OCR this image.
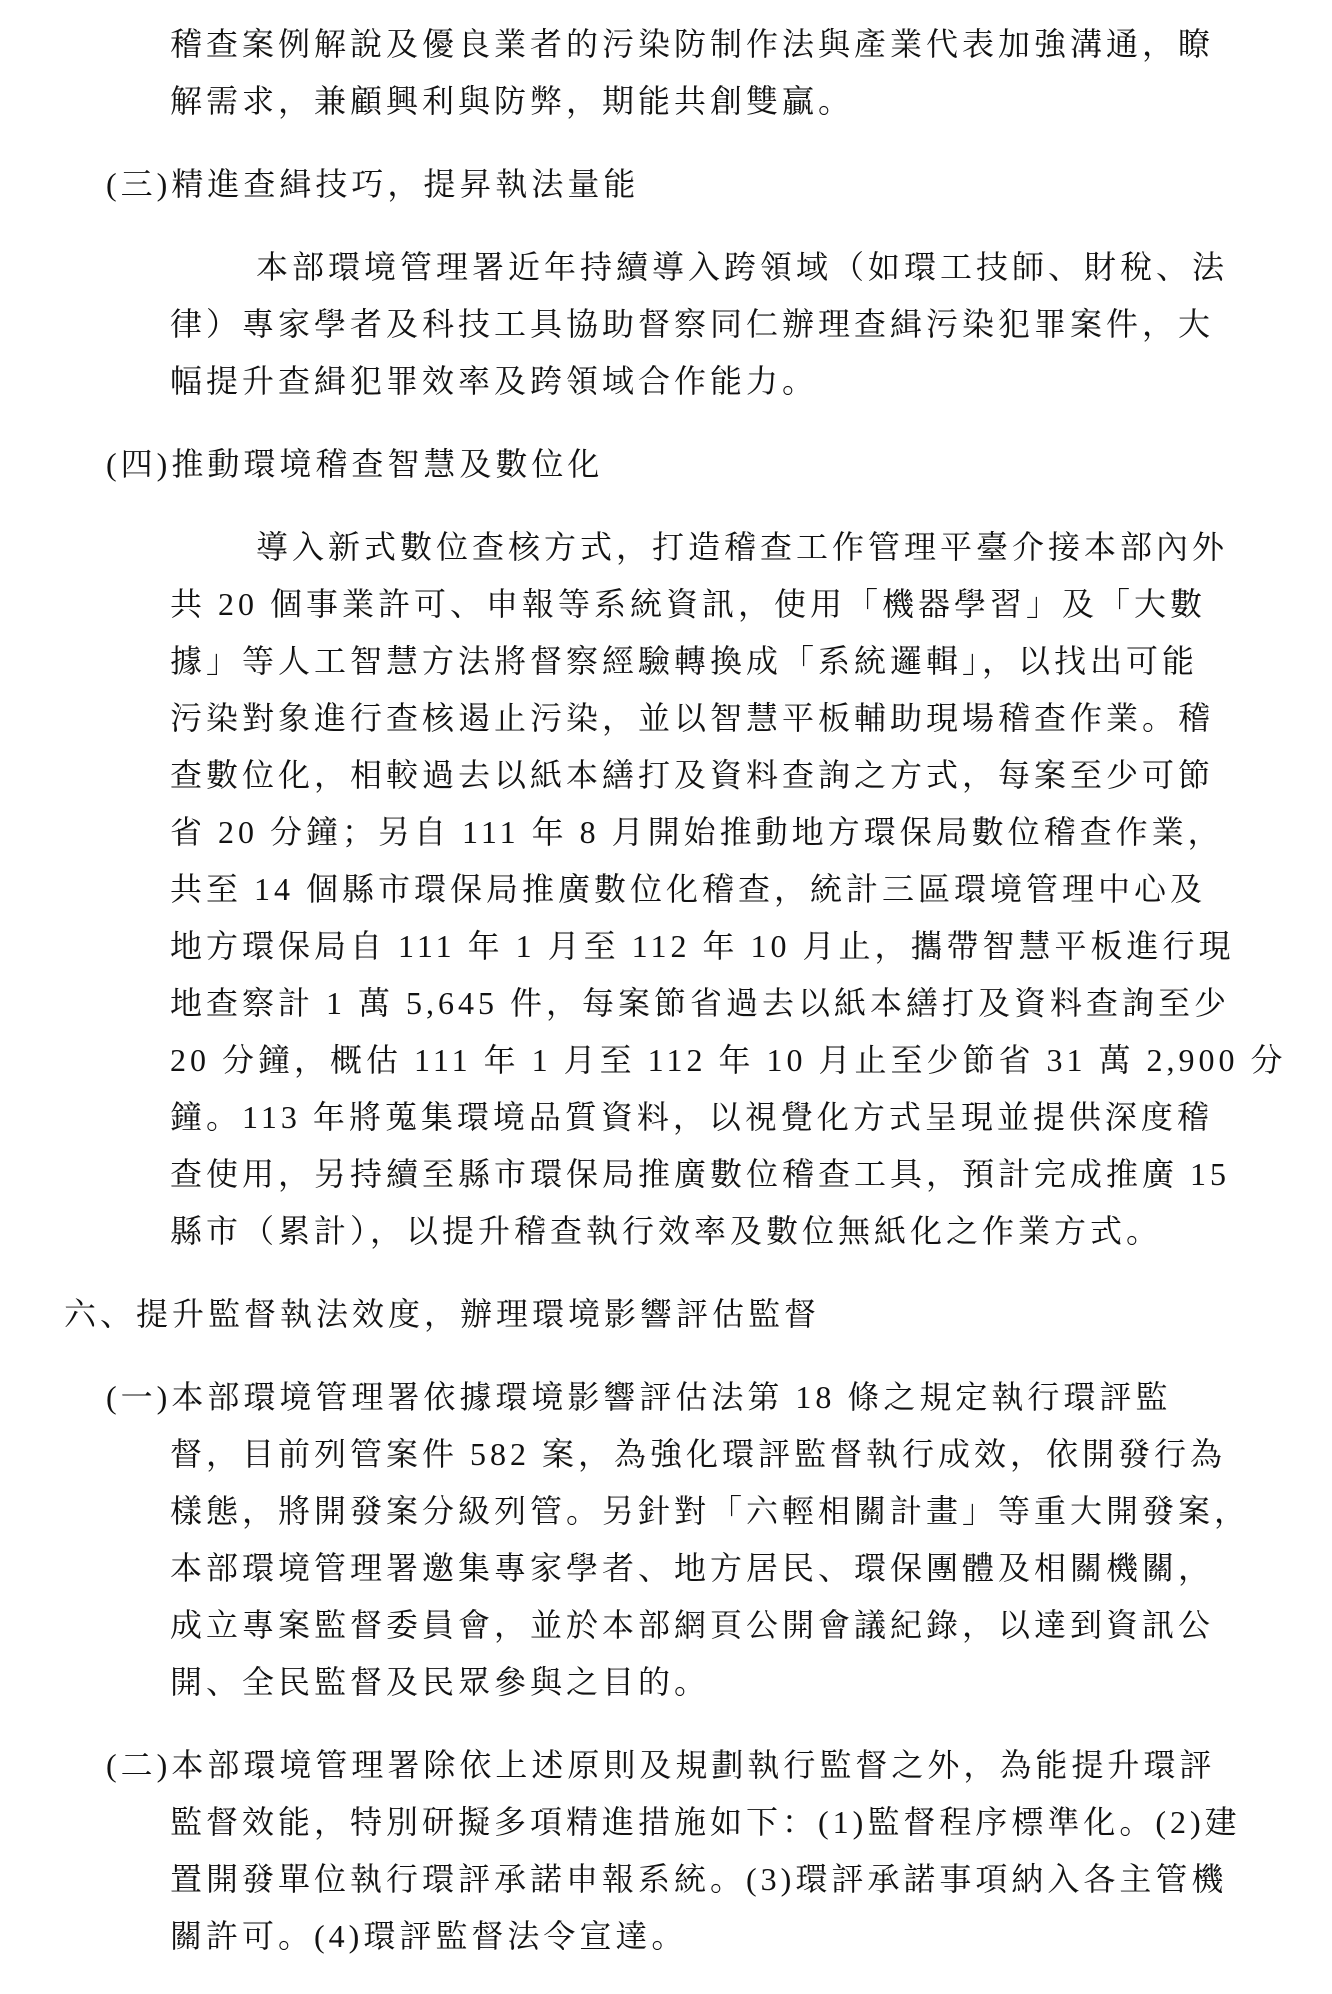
稽查案例解說及優良業者的污染防制作法與產業代表加強溝通，瞭
解需求，兼顧興利與防弊，期能共創雙贏。
(三)精進查緝技巧，提昇執法量能
本部環境管理署近年持續導入跨領域（如環工技師、財稅、法
律）專家學者及科技工具協助督察同仁辦理查緝污染犯罪案件，大
幅提升查緝犯罪效率及跨領域合作能力。
(四)推動環境稽查智慧及數位化
導入新式數位查核方式，打造稽查工作管理平臺介接本部內外
共 20 個事業許可、申報等系統資訊，使用「機器學習」及「大數
據」等人工智慧方法將督察經驗轉換成「系統邏輯」，以找出可能
污染對象進行查核遏止污染，並以智慧平板輔助現場稽查作業。稽
查數位化，相較過去以紙本繕打及資料查詢之方式，每案至少可節
省 20 分鐘；另自 111 年 8 月開始推動地方環保局數位稽查作業，
共至 14 個縣市環保局推廣數位化稽查，統計三區環境管理中心及
地方環保局自 111 年 1 月至 112 年 10 月止，攜帶智慧平板進行現
地查察計 1 萬 5,645 件，每案節省過去以紙本繕打及資料查詢至少
20 分鐘，概估 111 年 1 月至 112 年 10 月止至少節省 31 萬 2,900 分
鐘。113 年將蒐集環境品質資料，以視覺化方式呈現並提供深度稽
查使用，另持續至縣市環保局推廣數位稽查工具，預計完成推廣 15
縣市（累計），以提升稽查執行效率及數位無紙化之作業方式。
六、提升監督執法效度，辦理環境影響評估監督
(一)本部環境管理署依據環境影響評估法第 18 條之規定執行環評監
督，目前列管案件 582 案，為強化環評監督執行成效，依開發行為
樣態，將開發案分級列管。另針對「六輕相關計畫」等重大開發案，
本部環境管理署邀集專家學者、地方居民、環保團體及相關機關，
成立專案監督委員會，並於本部網頁公開會議紀錄，以達到資訊公
開、全民監督及民眾參與之目的。
(二)本部環境管理署除依上述原則及規劃執行監督之外，為能提升環評
監督效能，特別研擬多項精進措施如下：(1)監督程序標準化。(2)建
置開發單位執行環評承諾申報系統。(3)環評承諾事項納入各主管機
關許可。(4)環評監督法令宣達。
